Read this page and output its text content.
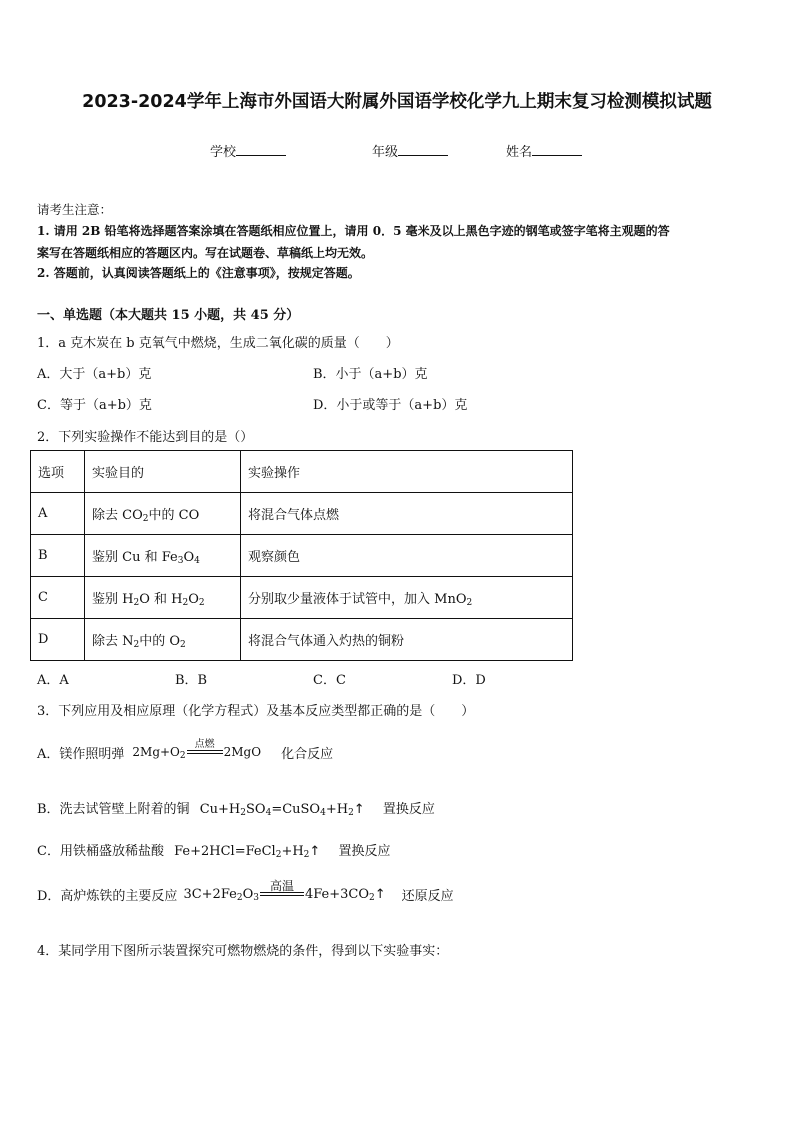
2023-2024学年上海市外国语大附属外国语学校化学九上期末复习检测模拟试题
学校	年级	姓名
请考生注意：
1. 请用 2B 铅笔将选择题答案涂填在答题纸相应位置上，请用 0．5 毫米及以上黑色字迹的钢笔或签字笔将主观题的答
案写在答题纸相应的答题区内。写在试题卷、草稿纸上均无效。
2. 答题前，认真阅读答题纸上的《注意事项》，按规定答题。
一、单选题（本大题共 15 小题，共 45 分）
1．a 克木炭在 b 克氧气中燃烧，生成二氧化碳的质量（　　）
A．大于（a+b）克	B．小于（a+b）克
C．等于（a+b）克	D．小于或等于（a+b）克
2．下列实验操作不能达到目的是（）
选项	实验目的	实验操作
A	除去 $CO_2$中的 CO	将混合气体点燃
B	鉴别 Cu 和 $Fe_3O_4$	观察颜色
C	鉴别 $H_2O$ 和 $H_2O_2$	分别取少量液体于试管中，加入 MnO$_2$
D	除去 $N_2$中的 $O_2$	将混合气体通入灼热的铜粉
A．A	B．B	C．C	D．D
3．下列应用及相应原理（化学方程式）及基本反应类型都正确的是（　　）
A．镁作照明弹 $2Mg+O_2$
点燃

2MgO 化合反应
B．洗去试管壁上附着的铜 $Cu+H_2SO_4=CuSO_4+H_2↑$ 置换反应
C．用铁桶盛放稀盐酸 $Fe+2HCl=FeCl_2+H_2↑$ 置换反应
D．高炉炼铁的主要反应 $3C+2Fe_2O_3$
高温

$4Fe+3CO_2↑$ 还原反应
4．某同学用下图所示装置探究可燃物燃烧的条件，得到以下实验事实：
